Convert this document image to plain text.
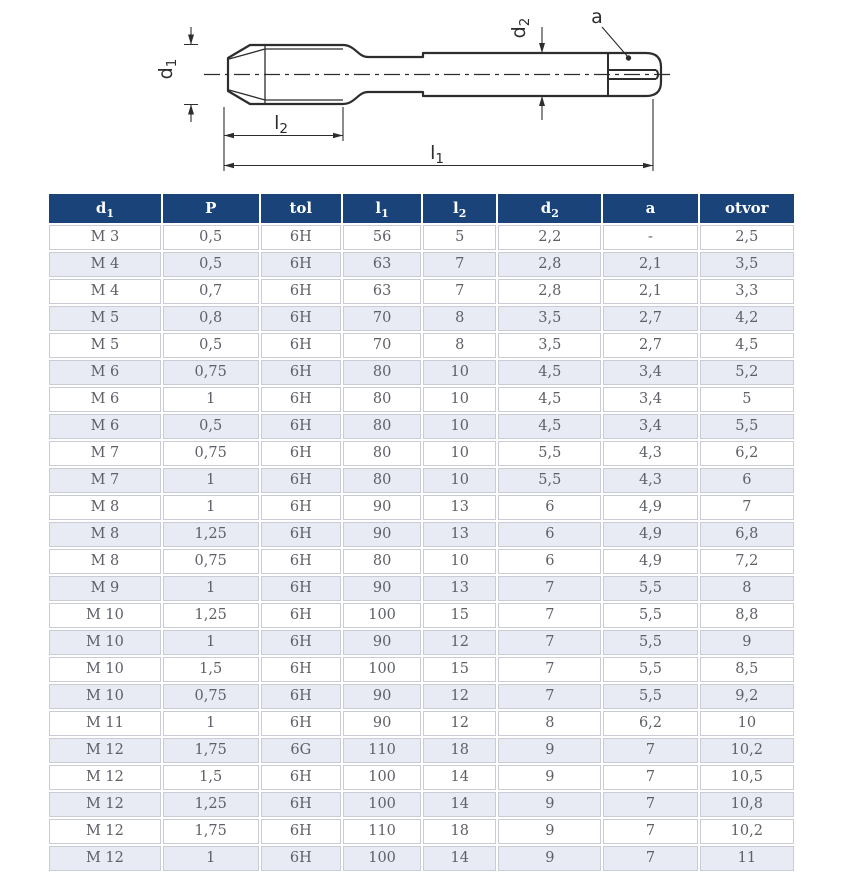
$d_1$
$d_2$	a
$l_2$
$l_1$
$d_1$	P	tol	$l_1$	$l_2$	$d_2$	a	otvor
M 3	0,5	6H	56	5	2,2	-	2,5
M 4	0,5	6H	63	7	2,8	2,1	3,5
M 4	0,7	6H	63	7	2,8	2,1	3,3
M 5	0,8	6H	70	8	3,5	2,7	4,2
M 5	0,5	6H	70	8	3,5	2,7	4,5
M 6	0,75	6H	80	10	4,5	3,4	5,2
M 6	1	6H	80	10	4,5	3,4	5
M 6	0,5	6H	80	10	4,5	3,4	5,5
M 7	0,75	6H	80	10	5,5	4,3	6,2
M 7	1	6H	80	10	5,5	4,3	6
M 8	1	6H	90	13	6	4,9	7
M 8	1,25	6H	90	13	6	4,9	6,8
M 8	0,75	6H	80	10	6	4,9	7,2
M 9	1	6H	90	13	7	5,5	8
M 10	1,25	6H	100	15	7	5,5	8,8
M 10	1	6H	90	12	7	5,5	9
M 10	1,5	6H	100	15	7	5,5	8,5
M 10	0,75	6H	90	12	7	5,5	9,2
M 11	1	6H	90	12	8	6,2	10
M 12	1,75	6G	110	18	9	7	10,2
M 12	1,5	6H	100	14	9	7	10,5
M 12	1,25	6H	100	14	9	7	10,8
M 12	1,75	6H	110	18	9	7	10,2
M 12	1	6H	100	14	9	7	11
